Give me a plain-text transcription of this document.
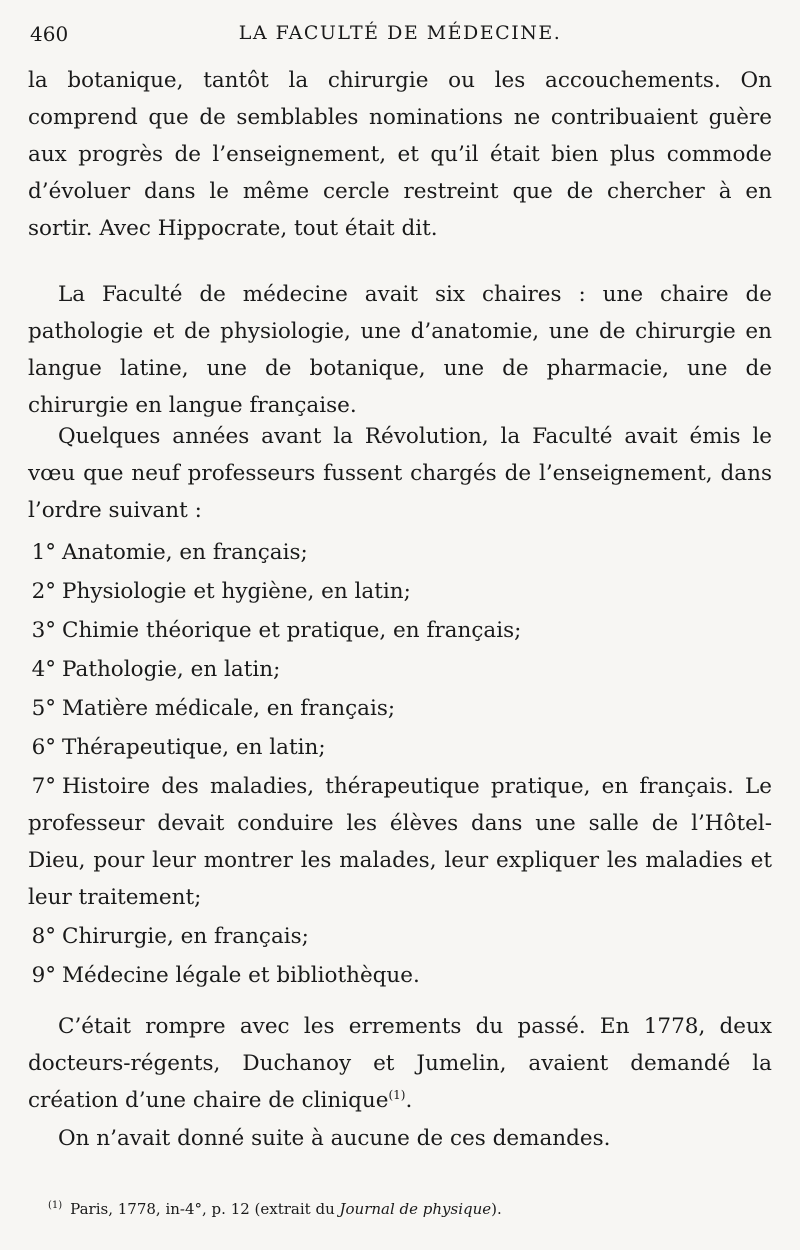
460	LA FACULTÉ DE MÉDECINE.

la botanique, tantôt la chirurgie ou les accouchements. On comprend que de semblables nominations ne contribuaient guère aux progrès de l’enseignement, et qu’il était bien plus commode d’évoluer dans le même cercle restreint que de chercher à en sortir. Avec Hippocrate, tout était dit.

La Faculté de médecine avait six chaires : une chaire de pathologie et de physiologie, une d’anatomie, une de chirurgie en langue latine, une de botanique, une de pharmacie, une de chirurgie en langue française.

Quelques années avant la Révolution, la Faculté avait émis le vœu que neuf professeurs fussent chargés de l’enseignement, dans l’ordre suivant :

1° Anatomie, en français;

2° Physiologie et hygiène, en latin;

3° Chimie théorique et pratique, en français;

4° Pathologie, en latin;

5° Matière médicale, en français;

6° Thérapeutique, en latin;

7° Histoire des maladies, thérapeutique pratique, en français. Le professeur devait conduire les élèves dans une salle de l’Hôtel-Dieu, pour leur montrer les malades, leur expliquer les maladies et leur traitement;

8° Chirurgie, en français;

9° Médecine légale et bibliothèque.

C’était rompre avec les errements du passé. En 1778, deux docteurs-régents, Duchanoy et Jumelin, avaient demandé la création d’une chaire de clinique$^{(1)}$.

On n’avait donné suite à aucune de ces demandes.

$^{(1)}$ Paris, 1778, in-4°, p. 12 (extrait du Journal de physique).
